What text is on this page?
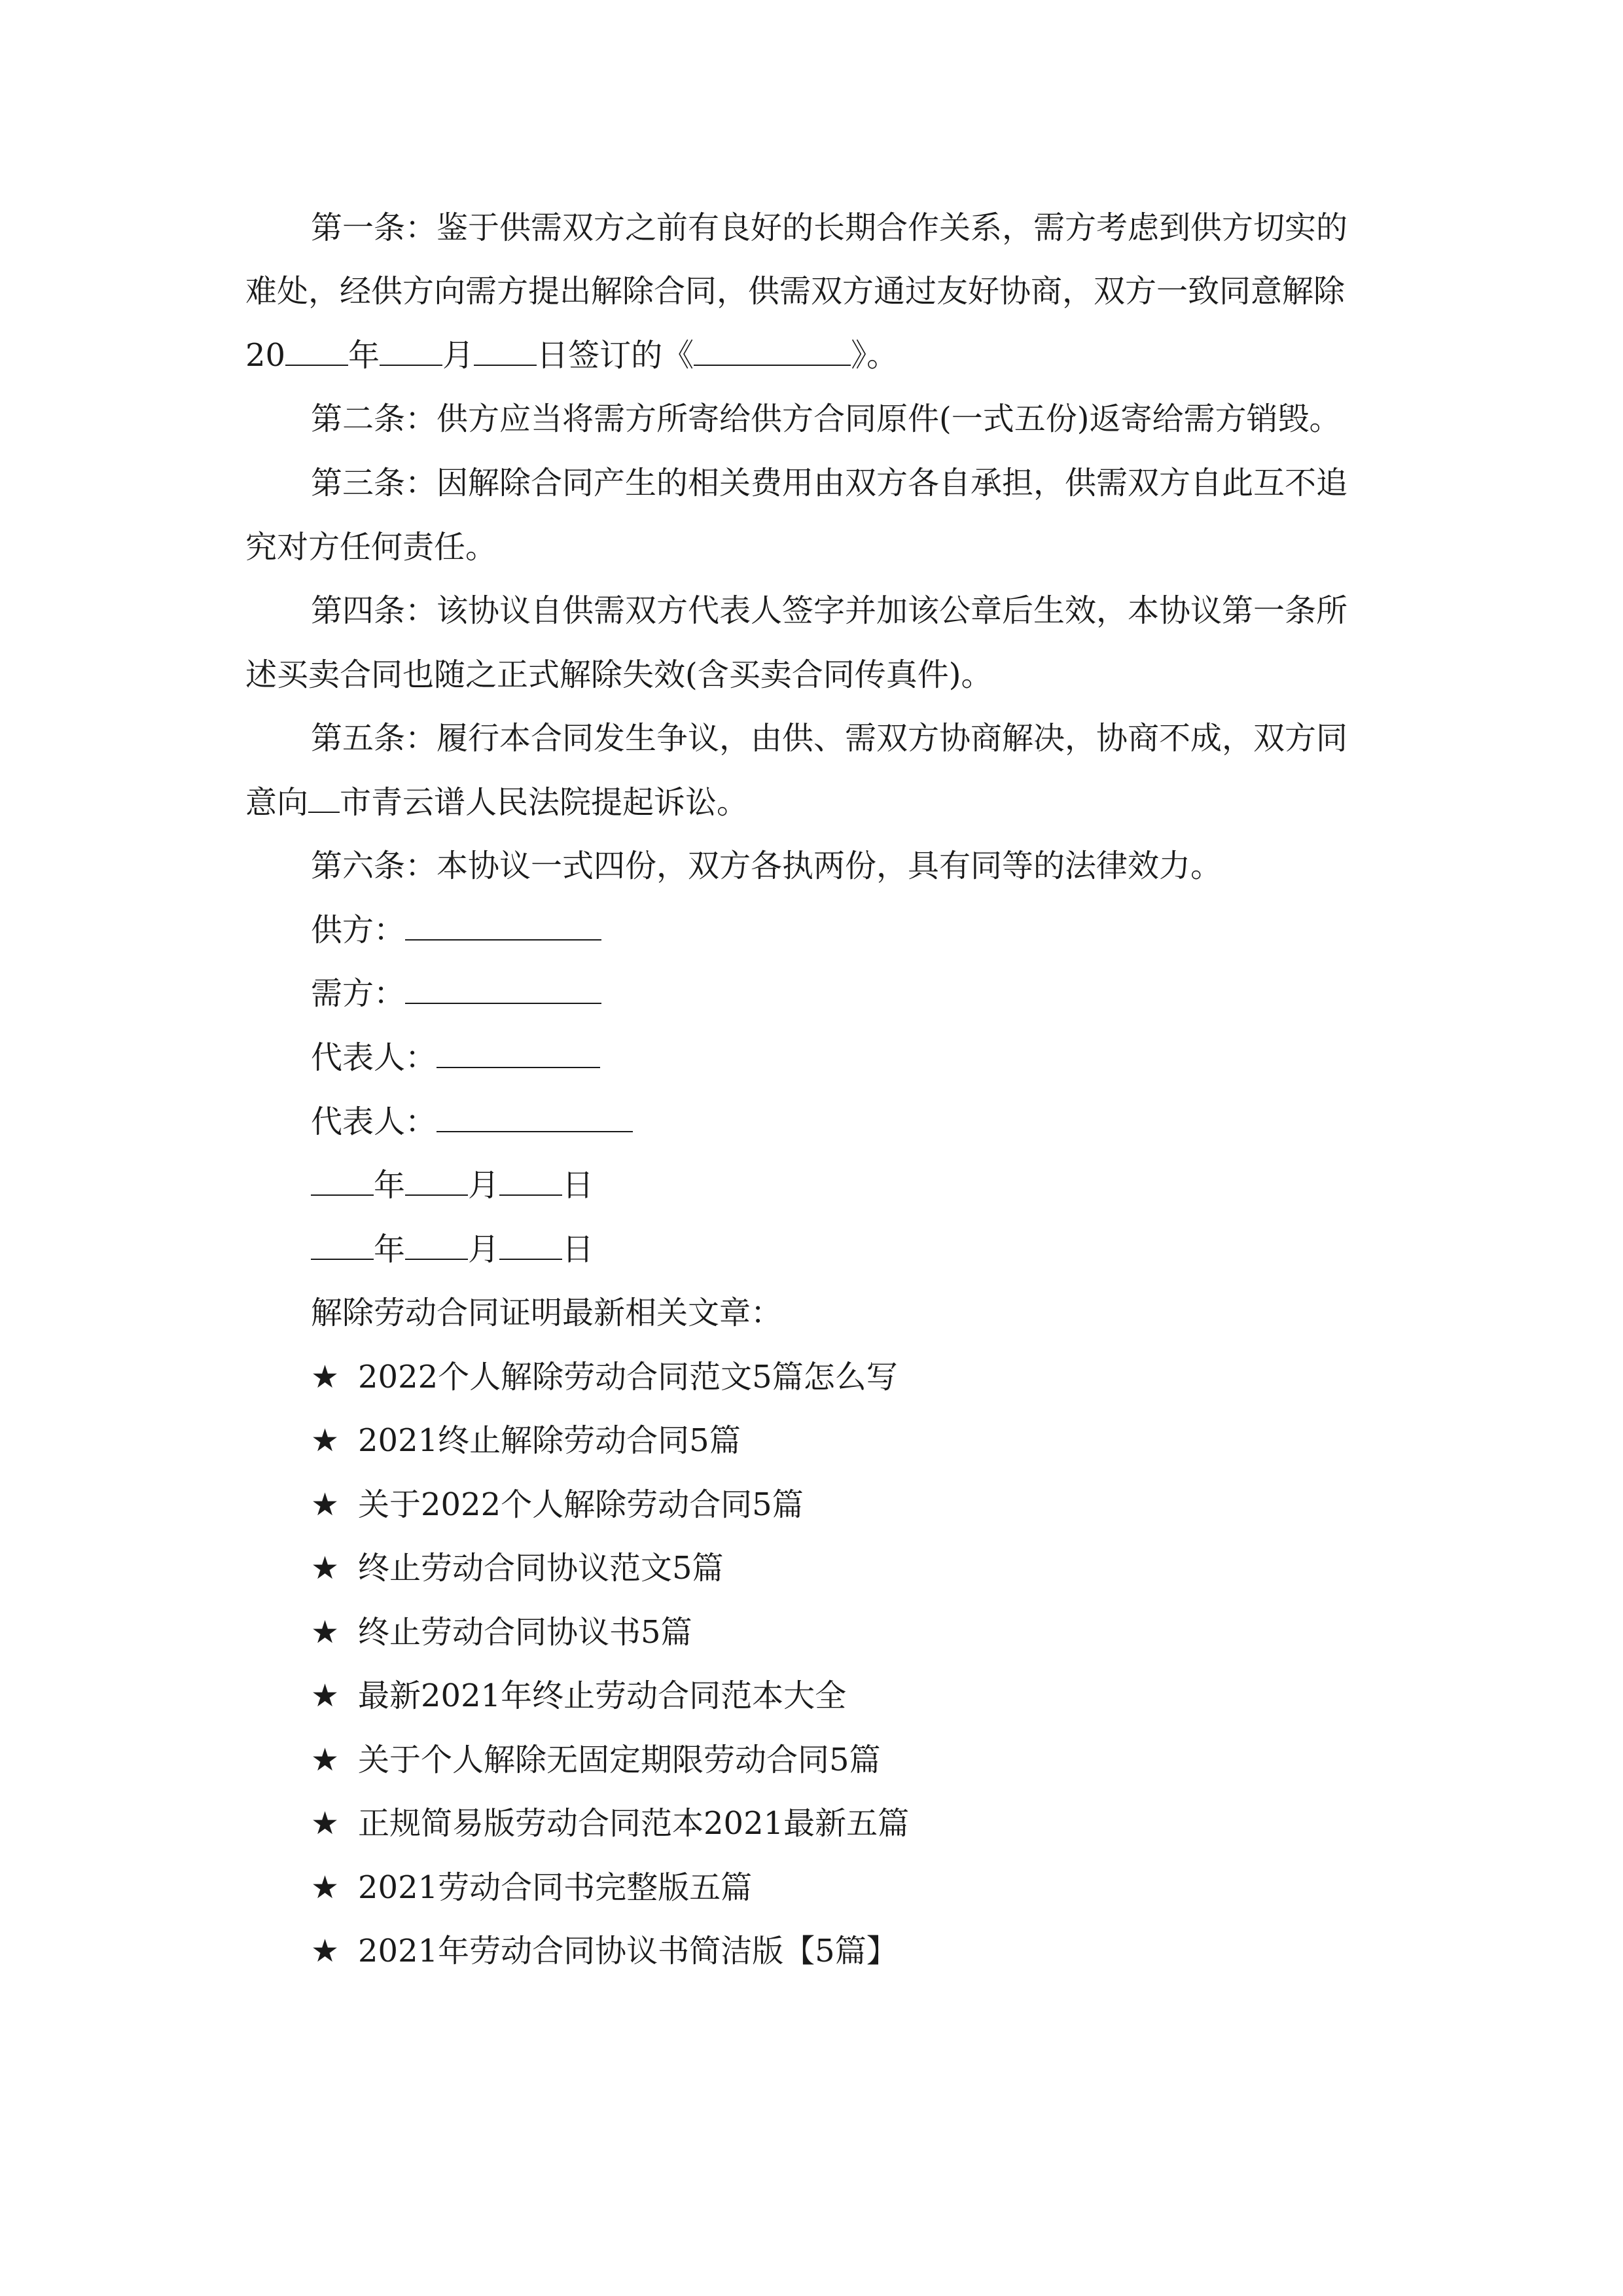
第一条：鉴于供需双方之前有良好的长期合作关系，需方考虑到供方切实的
难处，经供方向需方提出解除合同，供需双方通过友好协商，双方一致同意解除
20 年 月 日签订的《	》。
第二条：供方应当将需方所寄给供方合同原件(一式五份)返寄给需方销毁。
第三条：因解除合同产生的相关费用由双方各自承担，供需双方自此互不追
究对方任何责任。
第四条：该协议自供需双方代表人签字并加该公章后生效，本协议第一条所
述买卖合同也随之正式解除失效(含买卖合同传真件)。
第五条：履行本合同发生争议，由供、需双方协商解决，协商不成，双方同
意向 市青云谱人民法院提起诉讼。
第六条：本协议一式四份，双方各执两份，具有同等的法律效力。
供方：
需方：
代表人：
代表人：
年 月 日
年 月 日
解除劳动合同证明最新相关文章：
★ 2022个人解除劳动合同范文5篇怎么写
★ 2021终止解除劳动合同5篇
★ 关于2022个人解除劳动合同5篇
★ 终止劳动合同协议范文5篇
★ 终止劳动合同协议书5篇
★ 最新2021年终止劳动合同范本大全
★ 关于个人解除无固定期限劳动合同5篇
★ 正规简易版劳动合同范本2021最新五篇
★ 2021劳动合同书完整版五篇
★ 2021年劳动合同协议书简洁版【5篇】
